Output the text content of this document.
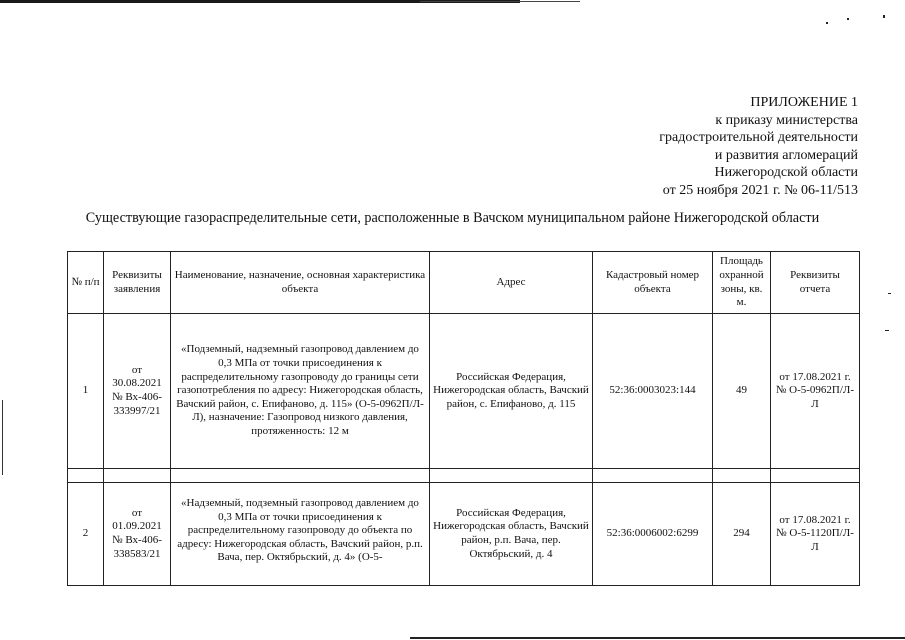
ПРИЛОЖЕНИЕ 1
к приказу министерства
градостроительной деятельности
и развития агломераций
Нижегородской области
от 25 ноября 2021 г. № 06-11/513
Существующие газораспределительные сети, расположенные в Вачском муниципальном районе Нижегородской области
№ п/п	Реквизиты заявления	Наименование, назначение, основная характеристика объекта	Адрес	Кадастровый номер объекта	Площадь охранной зоны, кв. м.	Реквизиты отчета
1	от 30.08.2021 № Вх-406-333997/21	«Подземный, надземный газопровод давлением до 0,3 МПа от точки присоединения к распределительному газопроводу до границы сети газопотребления по адресу: Нижегородская область, Вачский район, с. Епифаново, д. 115» (О-5-0962П/Л-Л), назначение: Газопровод низкого давления, протяженность: 12 м	Российская Федерация, Нижегородская область, Вачский район, с. Епифаново, д. 115	52:36:0003023:144	49	от 17.08.2021 г. № О-5-0962П/Л-Л

2	от 01.09.2021 № Вх-406-338583/21	«Надземный, подземный газопровод давлением до 0,3 МПа от точки присоединения к распределительному газопроводу до объекта по адресу: Нижегородская область, Вачский район, р.п. Вача, пер. Октябрьский, д. 4» (О-5-	Российская Федерация, Нижегородская область, Вачский район, р.п. Вача, пер. Октябрьский, д. 4	52:36:0006002:6299	294	от 17.08.2021 г. № О-5-1120П/Л-Л
